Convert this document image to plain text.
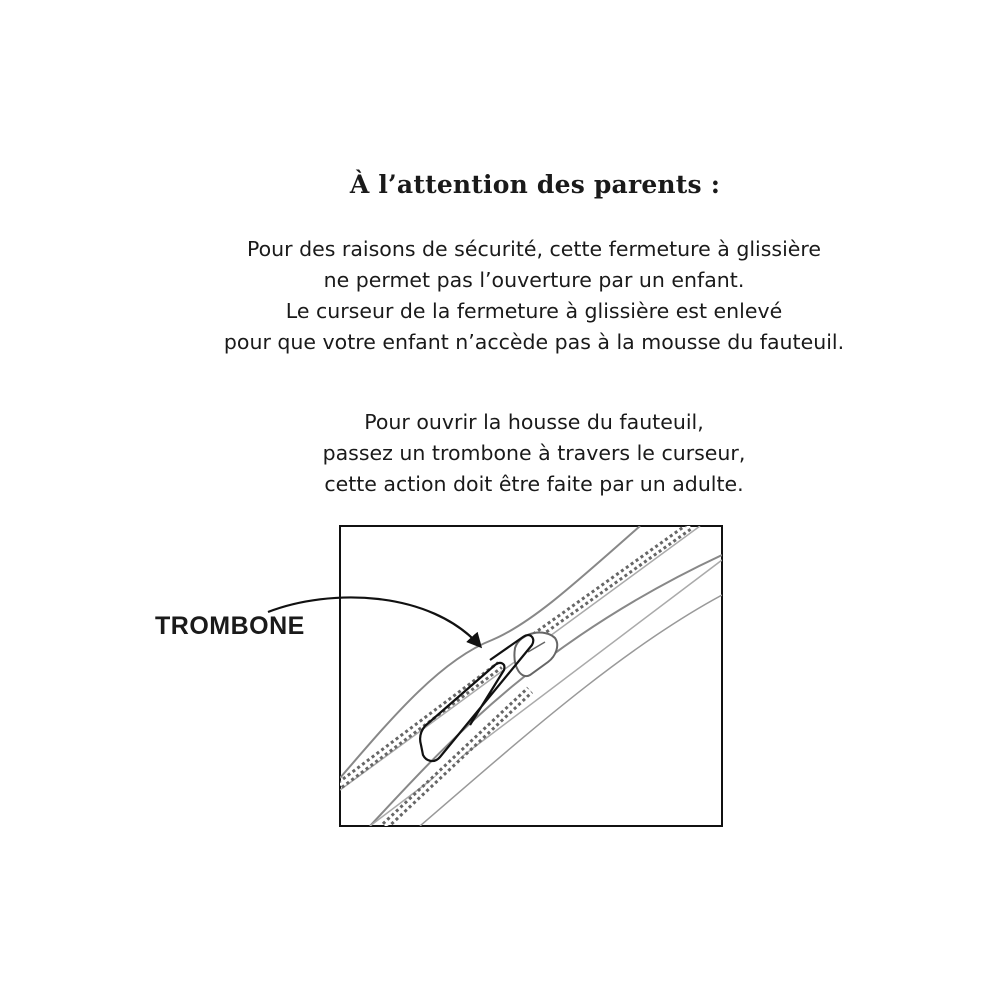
À l’attention des parents :

Pour des raisons de sécurité, cette fermeture à glissière
ne permet pas l’ouverture par un enfant.
Le curseur de la fermeture à glissière est enlevé
pour que votre enfant n’accède pas à la mousse du fauteuil.

Pour ouvrir la housse du fauteuil,
passez un trombone à travers le curseur,
cette action doit être faite par un adulte.

TROMBONE
